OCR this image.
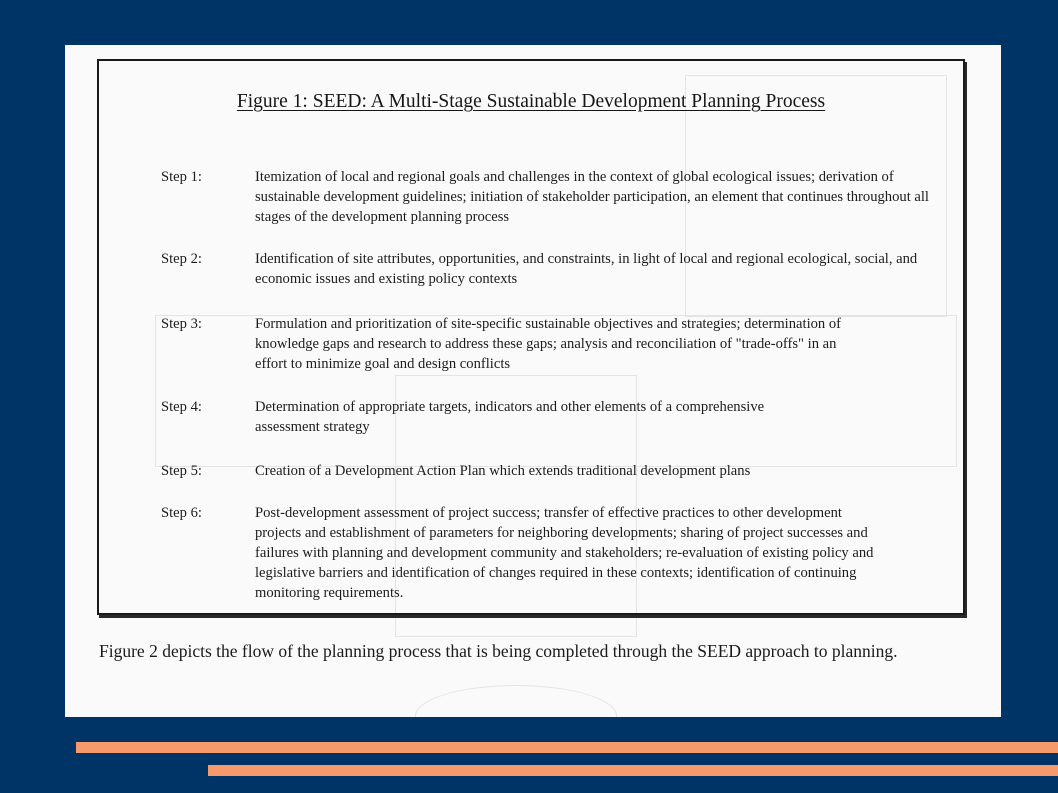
Figure 1: SEED: A Multi-Stage Sustainable Development Planning Process
Step 1:	Itemization of local and regional goals and challenges in the context of global ecological issues; derivation of sustainable development guidelines; initiation of stakeholder participation, an element that continues throughout all stages of the development planning process
Step 2:	Identification of site attributes, opportunities, and constraints, in light of local and regional ecological, social, and economic issues and existing policy contexts
Step 3:	Formulation and prioritization of site-specific sustainable objectives and strategies; determination of knowledge gaps and research to address these gaps; analysis and reconciliation of "trade-offs" in an effort to minimize goal and design conflicts
Step 4:	Determination of appropriate targets, indicators and other elements of a comprehensive assessment strategy
Step 5:	Creation of a Development Action Plan which extends traditional development plans
Step 6:	Post-development assessment of project success; transfer of effective practices to other development projects and establishment of parameters for neighboring developments; sharing of project successes and failures with planning and development community and stakeholders; re-evaluation of existing policy and legislative barriers and identification of changes required in these contexts; identification of continuing monitoring requirements.
Figure 2 depicts the flow of the planning process that is being completed through the SEED approach to planning.
